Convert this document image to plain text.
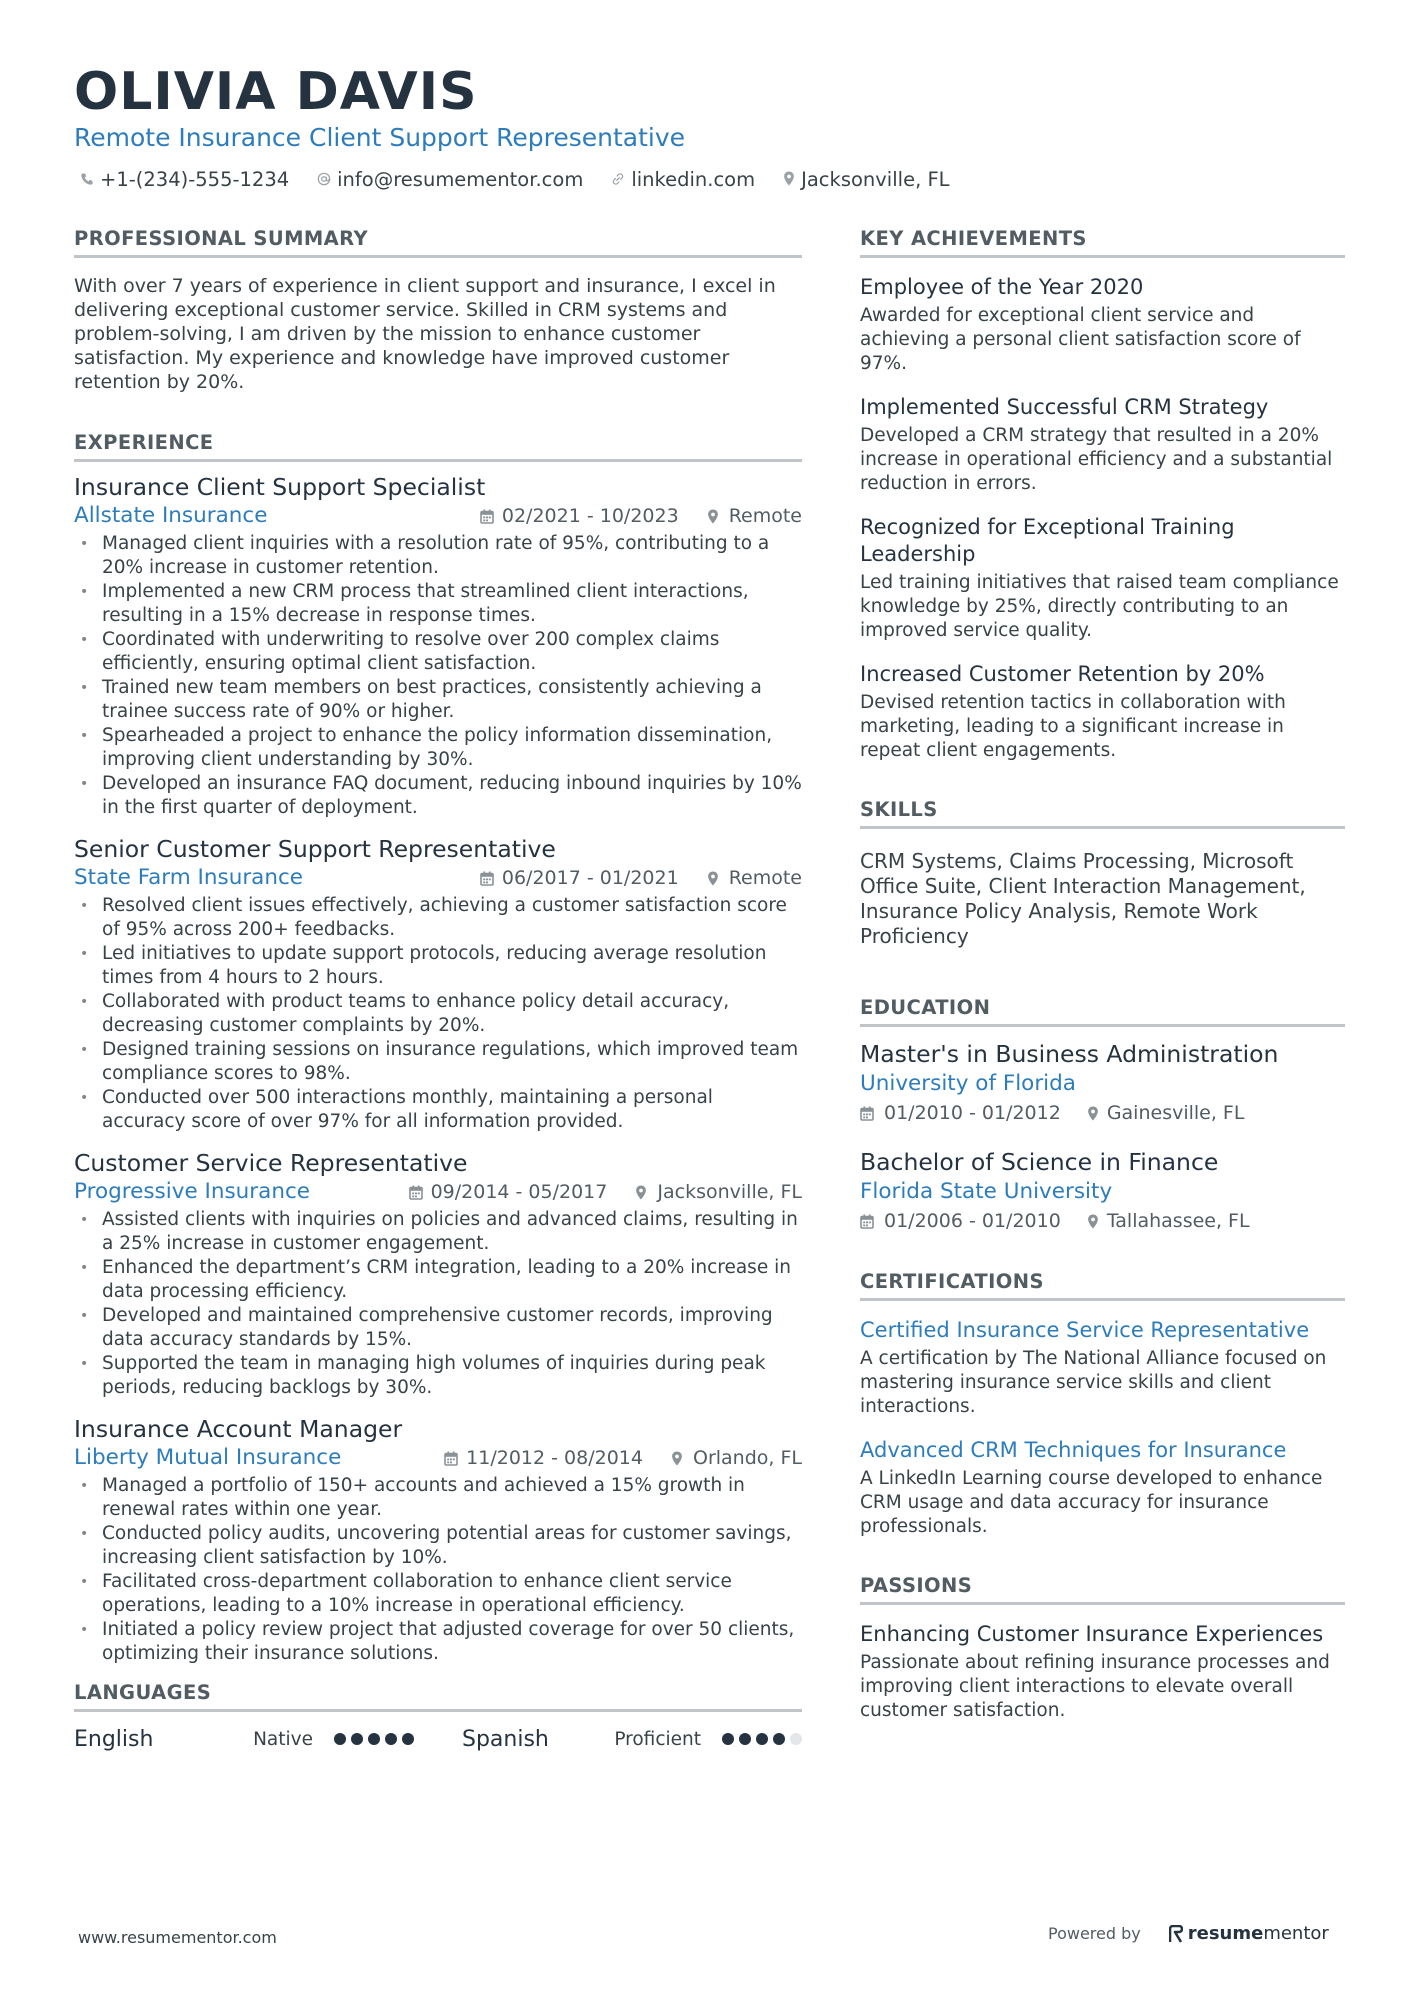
OLIVIA DAVIS
Remote Insurance Client Support Representative
+1-(234)-555-1234 info@resumementor.com linkedin.com Jacksonville, FL
PROFESSIONAL SUMMARY

With over 7 years of experience in client support and insurance, I excel in delivering exceptional customer service. Skilled in CRM systems and problem-solving, I am driven by the mission to enhance customer satisfaction. My experience and knowledge have improved customer retention by 20%.

EXPERIENCE
Insurance Client Support Specialist
Allstate Insurance	02/2021 - 10/2023	Remote
• Managed client inquiries with a resolution rate of 95%, contributing to a 20% increase in customer retention.
• Implemented a new CRM process that streamlined client interactions, resulting in a 15% decrease in response times.
• Coordinated with underwriting to resolve over 200 complex claims efficiently, ensuring optimal client satisfaction.
• Trained new team members on best practices, consistently achieving a trainee success rate of 90% or higher.
• Spearheaded a project to enhance the policy information dissemination, improving client understanding by 30%.
• Developed an insurance FAQ document, reducing inbound inquiries by 10% in the first quarter of deployment.
Senior Customer Support Representative
State Farm Insurance	06/2017 - 01/2021	Remote
• Resolved client issues effectively, achieving a customer satisfaction score of 95% across 200+ feedbacks.
• Led initiatives to update support protocols, reducing average resolution times from 4 hours to 2 hours.
• Collaborated with product teams to enhance policy detail accuracy, decreasing customer complaints by 20%.
• Designed training sessions on insurance regulations, which improved team compliance scores to 98%.
• Conducted over 500 interactions monthly, maintaining a personal accuracy score of over 97% for all information provided.
Customer Service Representative
Progressive Insurance	09/2014 - 05/2017	Jacksonville, FL
• Assisted clients with inquiries on policies and advanced claims, resulting in a 25% increase in customer engagement.
• Enhanced the department’s CRM integration, leading to a 20% increase in data processing efficiency.
• Developed and maintained comprehensive customer records, improving data accuracy standards by 15%.
• Supported the team in managing high volumes of inquiries during peak periods, reducing backlogs by 30%.
Insurance Account Manager
Liberty Mutual Insurance	11/2012 - 08/2014	Orlando, FL
• Managed a portfolio of 150+ accounts and achieved a 15% growth in renewal rates within one year.
• Conducted policy audits, uncovering potential areas for customer savings, increasing client satisfaction by 10%.
• Facilitated cross-department collaboration to enhance client service operations, leading to a 10% increase in operational efficiency.
• Initiated a policy review project that adjusted coverage for over 50 clients, optimizing their insurance solutions.
LANGUAGES
English	Native	Spanish	Proficient
KEY ACHIEVEMENTS
Employee of the Year 2020

Awarded for exceptional client service and achieving a personal client satisfaction score of 97%.

Implemented Successful CRM Strategy

Developed a CRM strategy that resulted in a 20% increase in operational efficiency and a substantial reduction in errors.

Recognized for Exceptional Training Leadership

Led training initiatives that raised team compliance knowledge by 25%, directly contributing to an improved service quality.

Increased Customer Retention by 20%

Devised retention tactics in collaboration with marketing, leading to a significant increase in repeat client engagements.

SKILLS

CRM Systems, Claims Processing, Microsoft Office Suite, Client Interaction Management, Insurance Policy Analysis, Remote Work Proficiency

EDUCATION
Master's in Business Administration
University of Florida
01/2010 - 01/2012 Gainesville, FL
Bachelor of Science in Finance
Florida State University
01/2006 - 01/2010 Tallahassee, FL
CERTIFICATIONS
Certified Insurance Service Representative

A certification by The National Alliance focused on mastering insurance service skills and client interactions.

Advanced CRM Techniques for Insurance

A LinkedIn Learning course developed to enhance CRM usage and data accuracy for insurance professionals.

PASSIONS
Enhancing Customer Insurance Experiences

Passionate about refining insurance processes and improving client interactions to elevate overall customer satisfaction.

www.resumementor.com	Powered by	resume mentor
